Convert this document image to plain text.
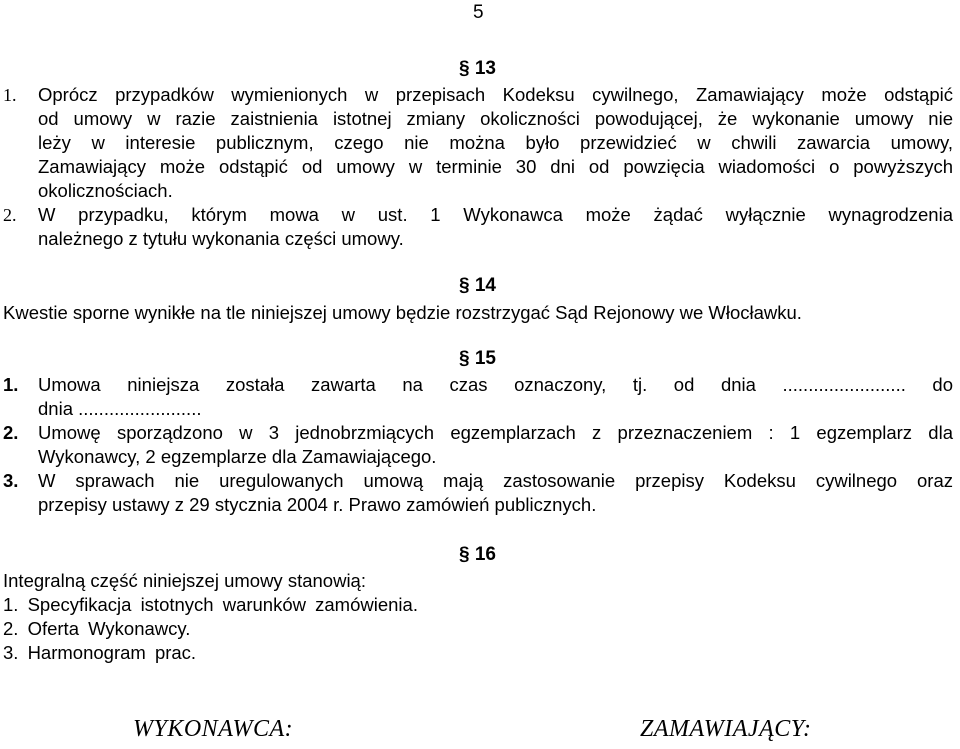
5
§ 13
1. Oprócz przypadków wymienionych w przepisach Kodeksu cywilnego, Zamawiający może odstąpić
od umowy w razie zaistnienia istotnej zmiany okoliczności powodującej, że wykonanie umowy nie
leży w interesie publicznym, czego nie można było przewidzieć w chwili zawarcia umowy,
Zamawiający może odstąpić od umowy w terminie 30 dni od powzięcia wiadomości o powyższych
okolicznościach.
2. W przypadku, którym mowa w ust. 1 Wykonawca może żądać wyłącznie wynagrodzenia
należnego z tytułu wykonania części umowy.
§ 14
Kwestie sporne wynikłe na tle niniejszej umowy będzie rozstrzygać Sąd Rejonowy we Włocławku.
§ 15
1. Umowa niniejsza została zawarta na czas oznaczony, tj. od dnia ........................ do
dnia ........................
2. Umowę sporządzono w 3 jednobrzmiących egzemplarzach z przeznaczeniem : 1 egzemplarz dla
Wykonawcy, 2 egzemplarze dla Zamawiającego.
3. W sprawach nie uregulowanych umową mają zastosowanie przepisy Kodeksu cywilnego oraz
przepisy ustawy z 29 stycznia 2004 r. Prawo zamówień publicznych.
§ 16
Integralną część niniejszej umowy stanowią:
1. Specyfikacja istotnych warunków zamówienia.
2. Oferta Wykonawcy.
3. Harmonogram prac.
WYKONAWCA:	ZAMAWIAJĄCY:
